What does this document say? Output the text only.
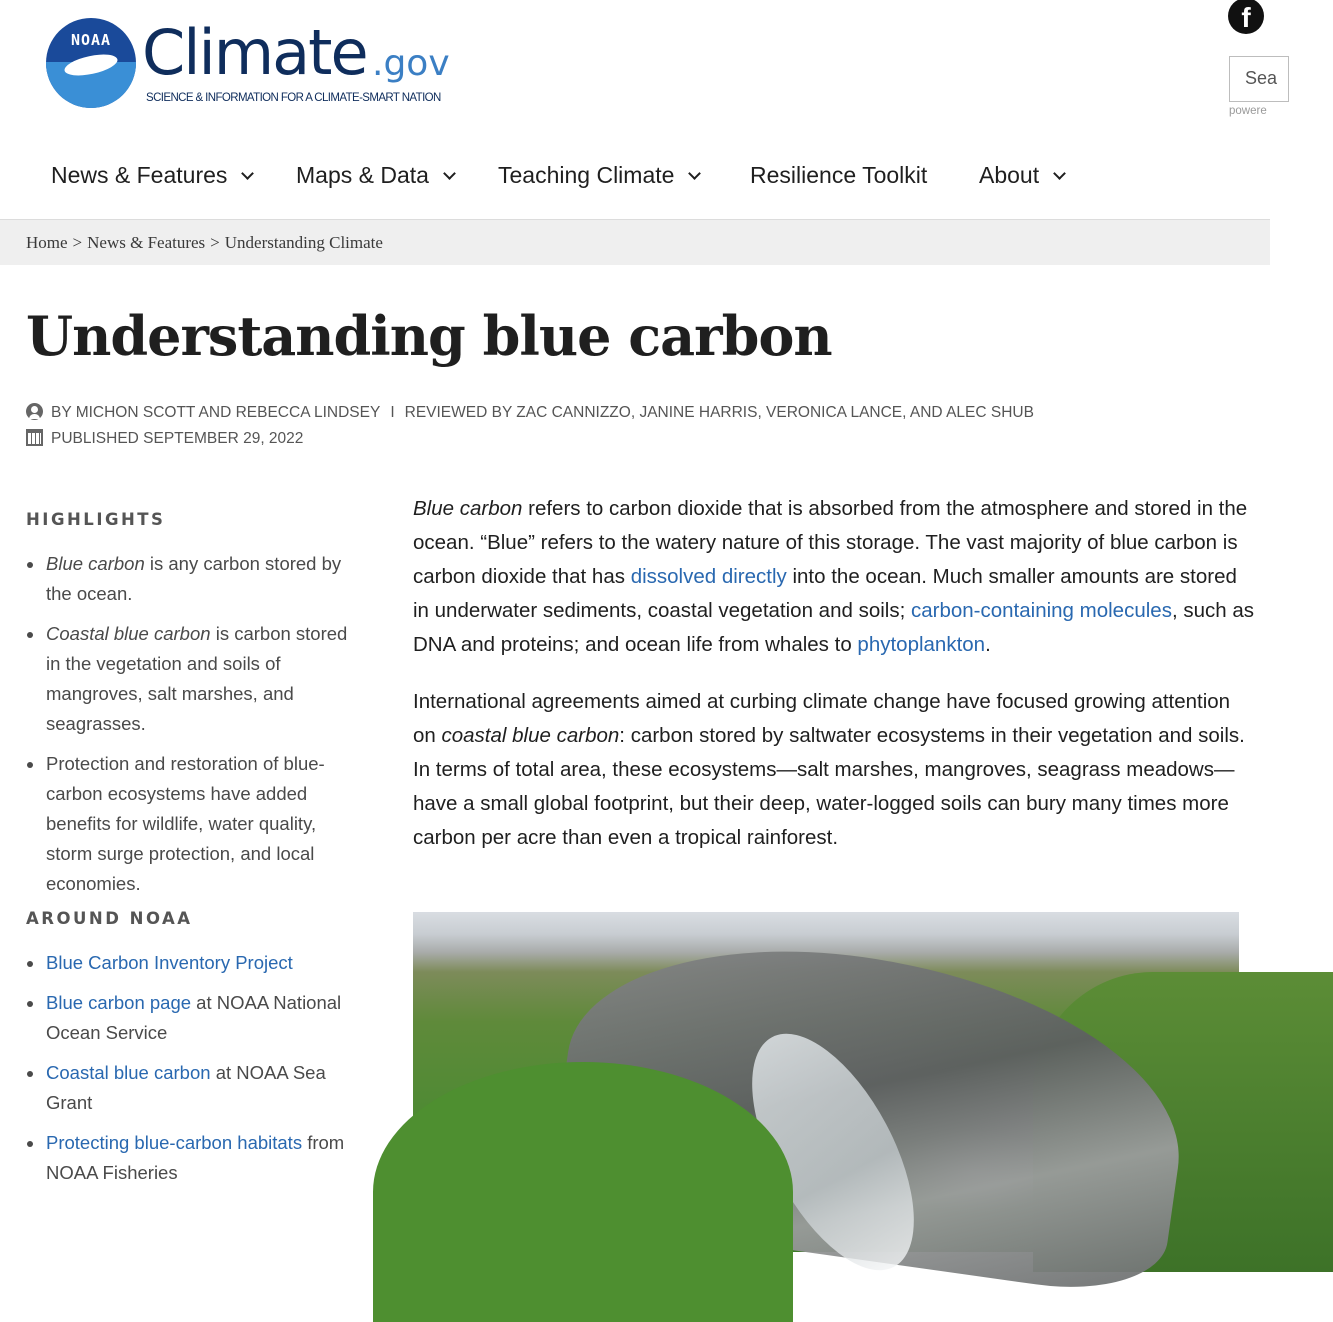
NOAA Climate .gov
SCIENCE & INFORMATION FOR A CLIMATE-SMART NATION
f
Sea
powere
News & Features	Maps & Data	Teaching Climate	Resilience Toolkit About
Home > News & Features > Understanding Climate
Understanding blue carbon
BY MICHON SCOTT AND REBECCA LINDSEY I REVIEWED BY ZAC CANNIZZO, JANINE HARRIS, VERONICA LANCE, AND ALEC SHUB
PUBLISHED SEPTEMBER 29, 2022
HIGHLIGHTS
Blue carbon is any carbon stored by the ocean.
Coastal blue carbon is carbon stored in the vegetation and soils of mangroves, salt marshes, and seagrasses.
Protection and restoration of blue-carbon ecosystems have added benefits for wildlife, water quality, storm surge protection, and local economies.
AROUND NOAA
Blue Carbon Inventory Project
Blue carbon page at NOAA National Ocean Service
Coastal blue carbon at NOAA Sea Grant
Protecting blue-carbon habitats from NOAA Fisheries

Blue carbon refers to carbon dioxide that is absorbed from the atmosphere and stored in the ocean. “Blue” refers to the watery nature of this storage. The vast majority of blue carbon is carbon dioxide that has dissolved directly into the ocean. Much smaller amounts are stored in underwater sediments, coastal vegetation and soils; carbon-containing molecules, such as DNA and proteins; and ocean life from whales to phytoplankton.

International agreements aimed at curbing climate change have focused growing attention on coastal blue carbon: carbon stored by saltwater ecosystems in their vegetation and soils. In terms of total area, these ecosystems—salt marshes, mangroves, seagrass meadows—have a small global footprint, but their deep, water-logged soils can bury many times more carbon per acre than even a tropical rainforest.
